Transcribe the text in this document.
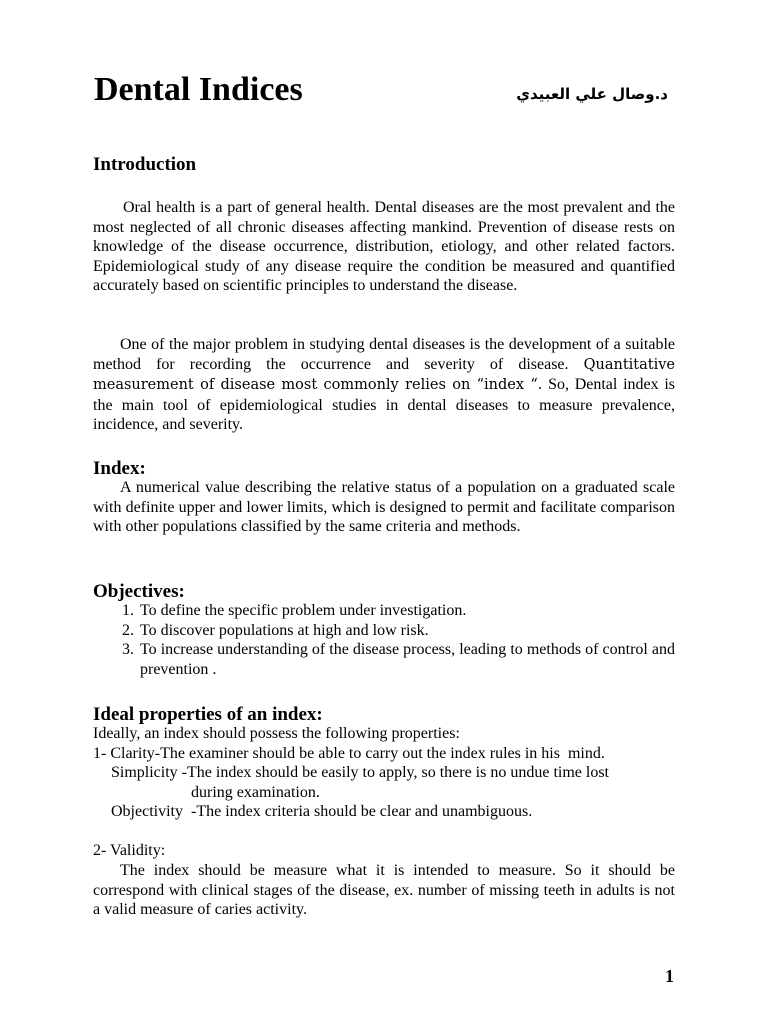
Dental Indices	د.وصال علي العبيدي
Introduction

Oral health is a part of general health. Dental diseases are the most prevalent and the most neglected of all chronic diseases affecting mankind. Prevention of disease rests on knowledge of the disease occurrence, distribution, etiology, and other related factors. Epidemiological study of any disease require the condition be measured and quantified accurately based on scientific principles to understand the disease.

One of the major problem in studying dental diseases is the development of a suitable method for recording the occurrence and severity of disease. Quantitative measurement of disease most commonly relies on “index “. So, Dental index is the main tool of epidemiological studies in dental diseases to measure prevalence, incidence, and severity.

Index:

A numerical value describing the relative status of a population on a graduated scale with definite upper and lower limits, which is designed to permit and facilitate comparison with other populations classified by the same criteria and methods.

Objectives:
1. To define the specific problem under investigation.
2. To discover populations at high and low risk.
3. To increase understanding of the disease process, leading to methods of control and prevention .
Ideal properties of an index:
Ideally, an index should possess the following properties:
1- Clarity-The examiner should be able to carry out the index rules in his  mind.
Simplicity -The index should be easily to apply, so there is no undue time lost
during examination.
Objectivity  -The index criteria should be clear and unambiguous.
2- Validity:

The index should be measure what it is intended to measure. So it should be correspond with clinical stages of the disease, ex. number of missing teeth in adults is not a valid measure of caries activity.

1
